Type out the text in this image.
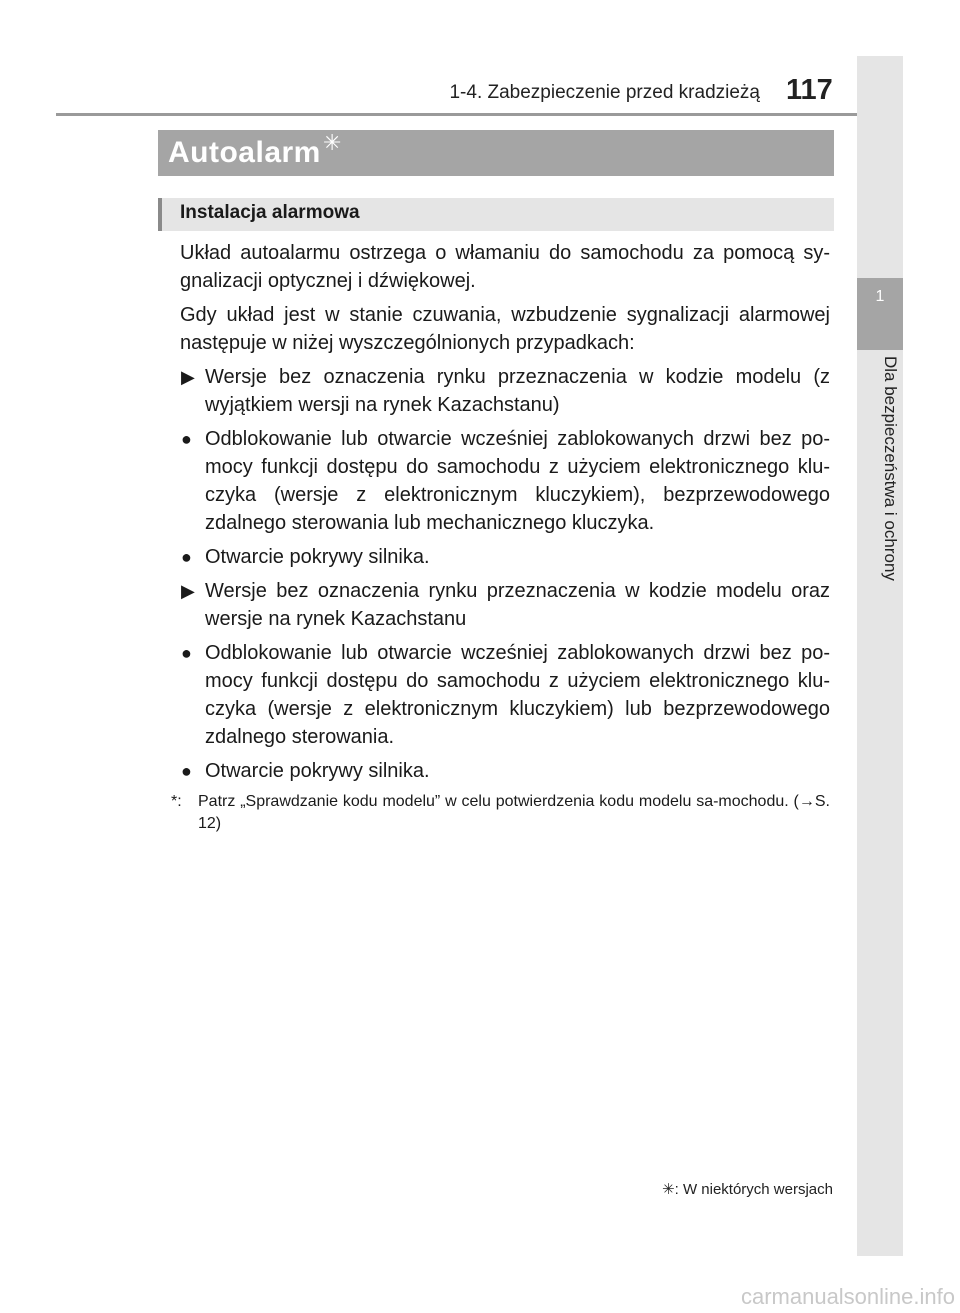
1-4. Zabezpieczenie przed kradzieżą 117
1
Dla bezpieczeństwa i ochrony
Autoalarm ✳
Instalacja alarmowa

Układ autoalarmu ostrzega o włamaniu do samochodu za pomocą sy-gnalizacji optycznej i dźwiękowej.

Gdy układ jest w stanie czuwania, wzbudzenie sygnalizacji alarmowej następuje w niżej wyszczególnionych przypadkach:

▶ Wersje bez oznaczenia rynku przeznaczenia w kodzie modelu (z wyjątkiem wersji na rynek Kazachstanu)
● Odblokowanie lub otwarcie wcześniej zablokowanych drzwi bez po-mocy funkcji dostępu do samochodu z użyciem elektronicznego klu-czyka (wersje z elektronicznym kluczykiem), bezprzewodowego zdalnego sterowania lub mechanicznego kluczyka.
● Otwarcie pokrywy silnika.
▶ Wersje bez oznaczenia rynku przeznaczenia w kodzie modelu oraz wersje na rynek Kazachstanu
● Odblokowanie lub otwarcie wcześniej zablokowanych drzwi bez po-mocy funkcji dostępu do samochodu z użyciem elektronicznego klu-czyka (wersje z elektronicznym kluczykiem) lub bezprzewodowego zdalnego sterowania.
● Otwarcie pokrywy silnika.
*: Patrz „Sprawdzanie kodu modelu” w celu potwierdzenia kodu modelu sa-mochodu. (→S. 12)
✳: W niektórych wersjach
carmanualsonline.info
